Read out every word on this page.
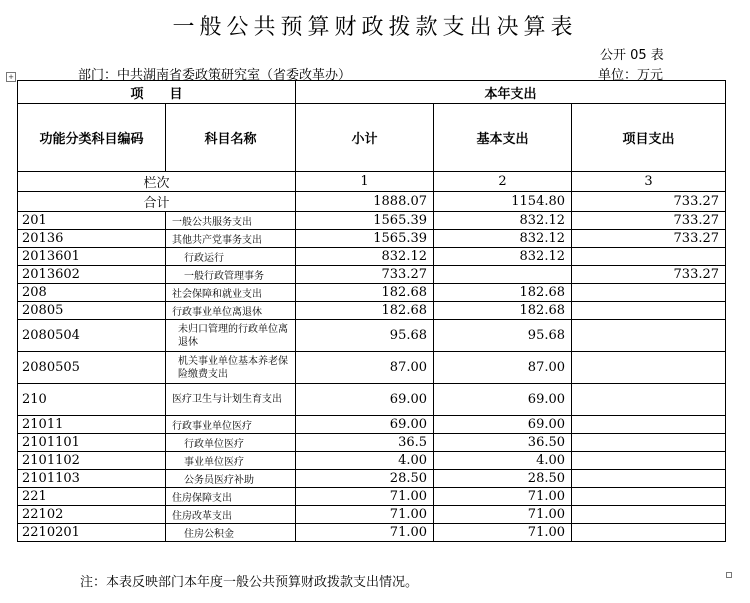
一般公共预算财政拨款支出决算表
公开 05 表
部门：中共湖南省委政策研究室（省委改革办）	单位：万元
+
项　　目		本年支出		
功能分类科目编码	科目名称	小计	基本支出	项目支出
栏次		1	2	3
合计		1888.07	1154.80	733.27
201	一般公共服务支出	1565.39	832.12	733.27
20136	其他共产党事务支出	1565.39	832.12	733.27
2013601	行政运行	832.12	832.12	
2013602	一般行政管理事务	733.27		733.27
208	社会保障和就业支出	182.68	182.68	
20805	行政事业单位离退休	182.68	182.68	
2080504	未归口管理的行政单位离退休	95.68	95.68	
2080505	机关事业单位基本养老保险缴费支出	87.00	87.00	
210	医疗卫生与计划生育支出	69.00	69.00	
21011	行政事业单位医疗	69.00	69.00	
2101101	行政单位医疗	36.5	36.50	
2101102	事业单位医疗	4.00	4.00	
2101103	公务员医疗补助	28.50	28.50	
221	住房保障支出	71.00	71.00	
22102	住房改革支出	71.00	71.00	
2210201	住房公积金	71.00	71.00	
注：本表反映部门本年度一般公共预算财政拨款支出情况。
